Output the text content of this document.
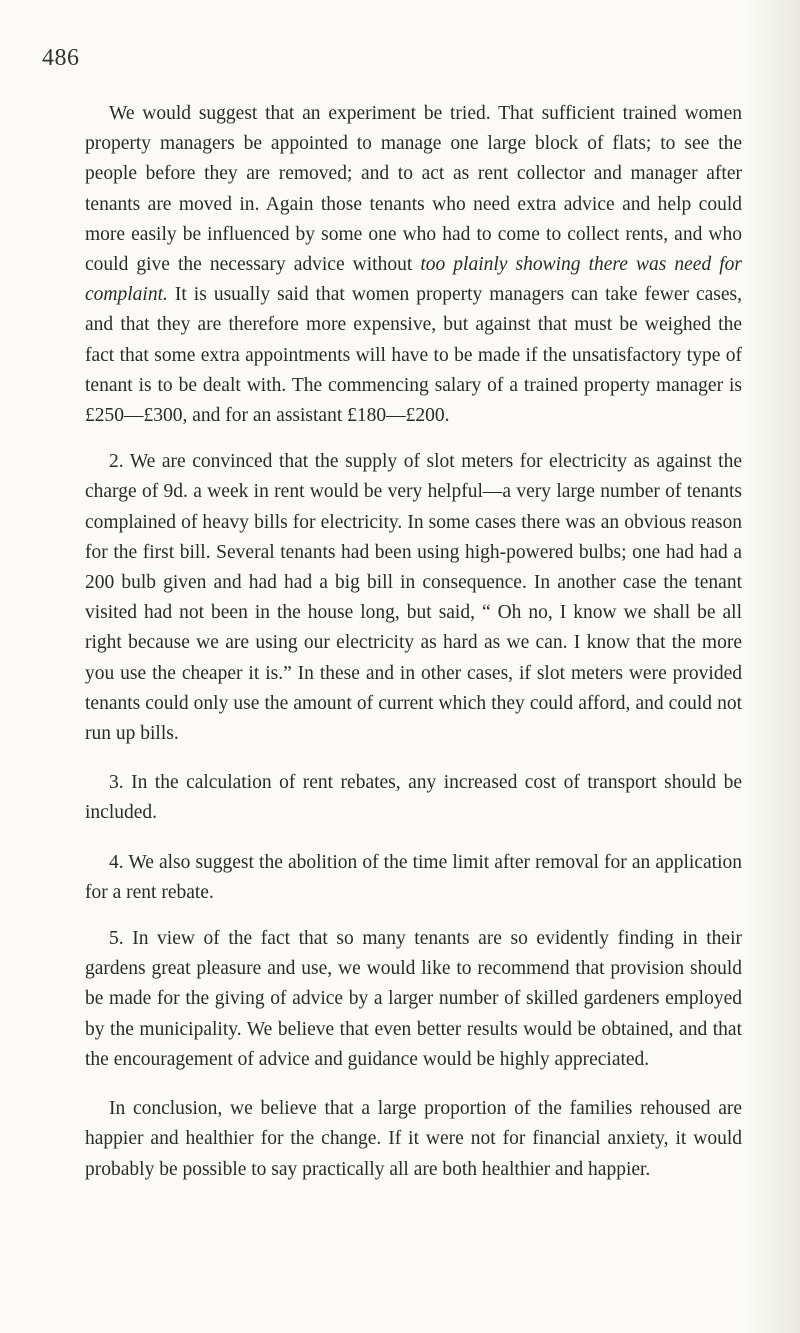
486

We would suggest that an experiment be tried. That sufficient trained women property managers be appointed to manage one large block of flats; to see the people before they are removed; and to act as rent collector and manager after tenants are moved in. Again those tenants who need extra advice and help could more easily be influenced by some one who had to come to collect rents, and who could give the necessary advice without too plainly showing there was need for complaint. It is usually said that women property managers can take fewer cases, and that they are therefore more expensive, but against that must be weighed the fact that some extra appointments will have to be made if the unsatisfactory type of tenant is to be dealt with. The commencing salary of a trained property manager is £250—£300, and for an assistant £180—£200.

2. We are convinced that the supply of slot meters for electricity as against the charge of 9d. a week in rent would be very helpful—a very large number of tenants complained of heavy bills for electricity. In some cases there was an obvious reason for the first bill. Several tenants had been using high-powered bulbs; one had had a 200 bulb given and had had a big bill in consequence. In another case the tenant visited had not been in the house long, but said, “ Oh no, I know we shall be all right because we are using our electricity as hard as we can. I know that the more you use the cheaper it is.” In these and in other cases, if slot meters were provided tenants could only use the amount of current which they could afford, and could not run up bills.

3. In the calculation of rent rebates, any increased cost of transport should be included.

4. We also suggest the abolition of the time limit after removal for an application for a rent rebate.

5. In view of the fact that so many tenants are so evidently finding in their gardens great pleasure and use, we would like to recommend that provision should be made for the giving of advice by a larger number of skilled gardeners employed by the municipality. We believe that even better results would be obtained, and that the encouragement of advice and guidance would be highly appreciated.

In conclusion, we believe that a large proportion of the families rehoused are happier and healthier for the change. If it were not for financial anxiety, it would probably be possible to say practically all are both healthier and happier.
